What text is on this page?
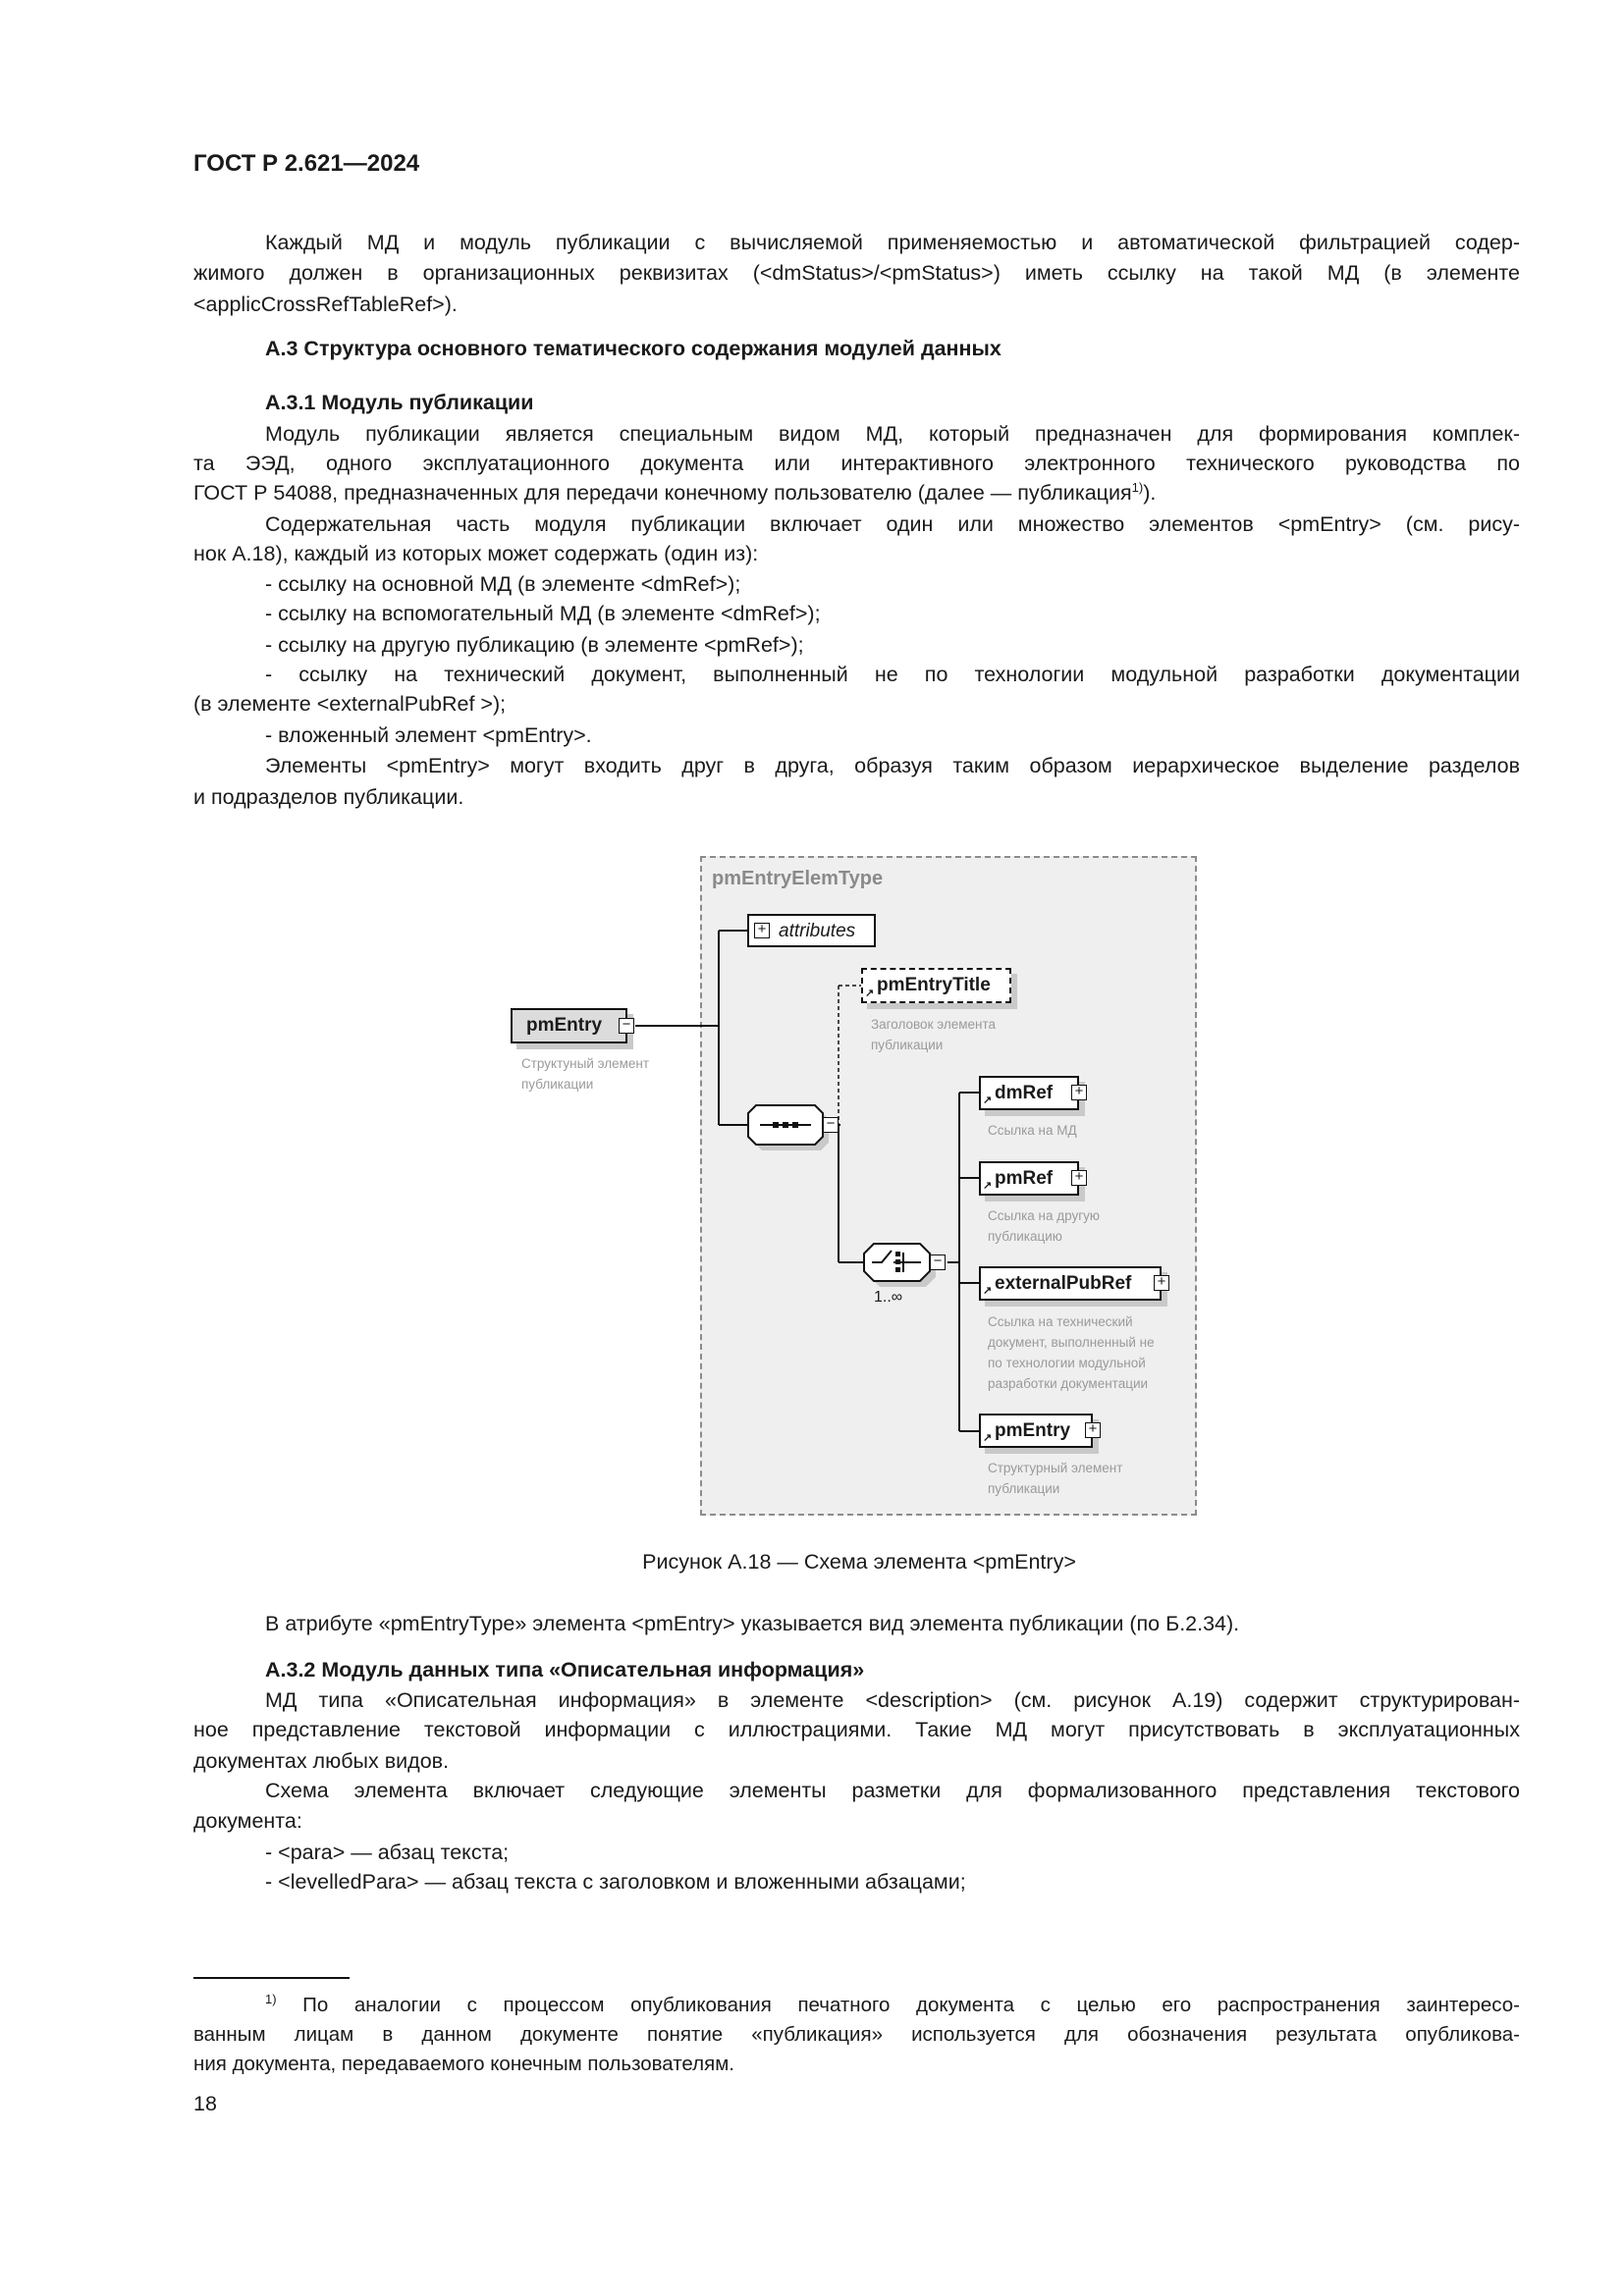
ГОСТ Р 2.621—2024
Каждый МД и модуль публикации с вычисляемой применяемостью и автоматической фильтрацией содер-
жимого должен в организационных реквизитах (<dmStatus>/<pmStatus>) иметь ссылку на такой МД (в элементе
<applicCrossRefTableRef>).
А.3 Структура основного тематического содержания модулей данных
А.3.1 Модуль публикации
Модуль публикации является специальным видом МД, который предназначен для формирования комплек-
та ЭЭД, одного эксплуатационного документа или интерактивного электронного технического руководства по
ГОСТ Р 54088, предназначенных для передачи конечному пользователю (далее — публикация$^{1)}$).
Содержательная часть модуля публикации включает один или множество элементов <pmEntry> (см. рису-
нок А.18), каждый из которых может содержать (один из):
- ссылку на основной МД (в элементе <dmRef>);
- ссылку на вспомогательный МД (в элементе <dmRef>);
- ссылку на другую публикацию (в элементе <pmRef>);
- ссылку на технический документ, выполненный не по технологии модульной разработки документации
(в элементе <externalPubRef >);
- вложенный элемент <pmEntry>.
Элементы <pmEntry> могут входить друг в друга, образуя таким образом иерархическое выделение разделов
и подразделов публикации.
pmEntryElemType
−
−
1..∞
pmEntry	−
Структуный элемент
публикации
attributes
+
↗ pmEntryTitle
Заголовок элемента
публикации
↗ dmRef	+
Ссылка на МД
↗ pmRef	+
Ссылка на другую
публикацию
↗ externalPubRef	+
Ссылка на технический
документ, выполненный не
по технологии модульной
разработки документации
↗ pmEntry	+
Структурный элемент
публикации
Рисунок А.18 — Схема элемента <pmEntry>
В атрибуте «pmEntryType» элемента <pmEntry> указывается вид элемента публикации (по Б.2.34).
А.3.2 Модуль данных типа «Описательная информация»
МД типа «Описательная информация» в элементе <description> (см. рисунок А.19) содержит структурирован-
ное представление текстовой информации с иллюстрациями. Такие МД могут присутствовать в эксплуатационных
документах любых видов.
Схема элемента включает следующие элементы разметки для формализованного представления текстового
документа:
- <para> — абзац текста;
- <levelledPara> — абзац текста с заголовком и вложенными абзацами;
$^{1)}$ По аналогии с процессом опубликования печатного документа с целью его распространения заинтересо-
ванным лицам в данном документе понятие «публикация» используется для обозначения результата опубликова-
ния документа, передаваемого конечным пользователям.
18
